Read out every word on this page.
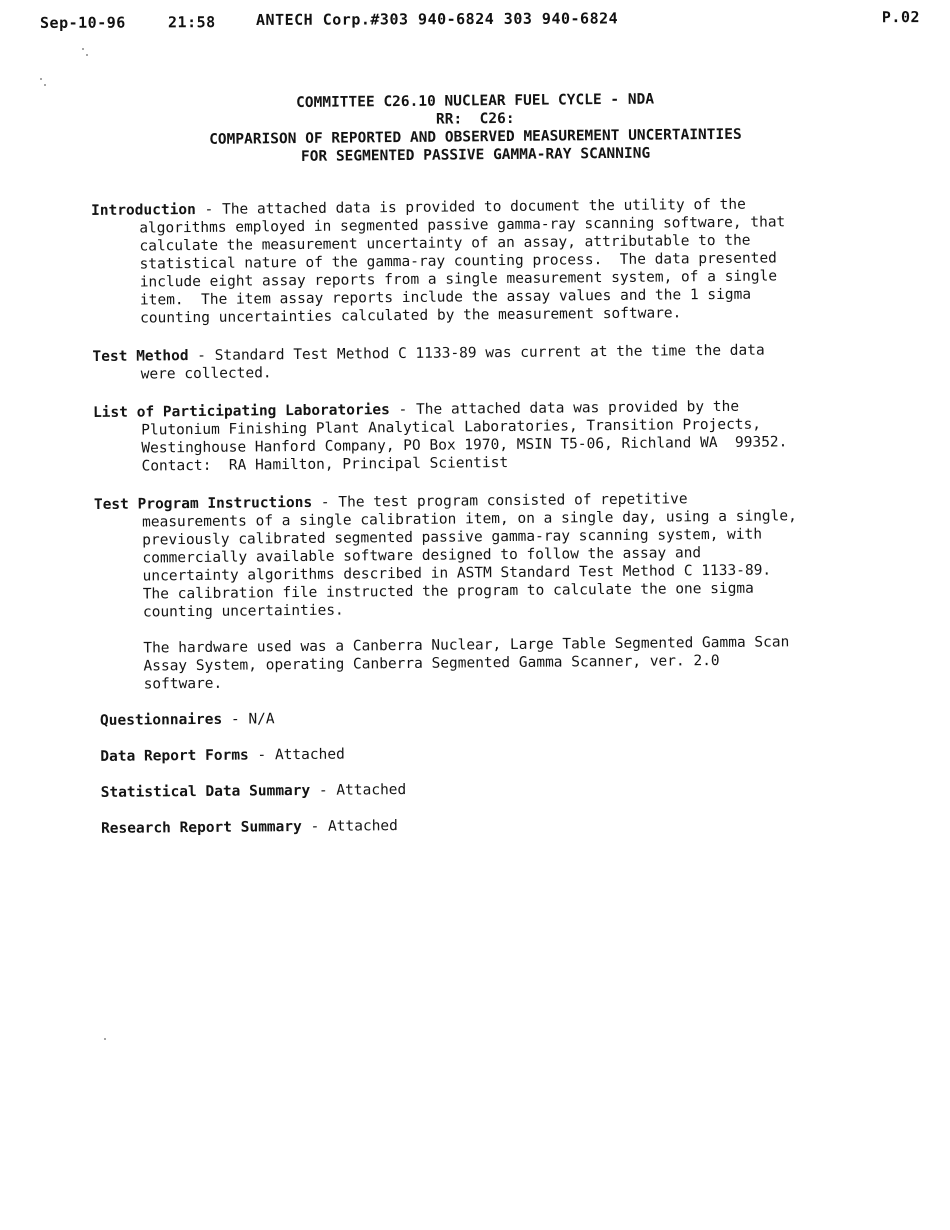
Sep-10-96	21:58	ANTECH Corp.#303 940-6824 303 940-6824	P.02
COMMITTEE C26.10 NUCLEAR FUEL CYCLE - NDA
RR:  C26:
COMPARISON OF REPORTED AND OBSERVED MEASUREMENT UNCERTAINTIES
FOR SEGMENTED PASSIVE GAMMA-RAY SCANNING
Introduction - The attached data is provided to document the utility of the
algorithms employed in segmented passive gamma-ray scanning software, that
calculate the measurement uncertainty of an assay, attributable to the
statistical nature of the gamma-ray counting process.  The data presented
include eight assay reports from a single measurement system, of a single
item.  The item assay reports include the assay values and the 1 sigma
counting uncertainties calculated by the measurement software.
Test Method - Standard Test Method C 1133-89 was current at the time the data
were collected.
List of Participating Laboratories - The attached data was provided by the
Plutonium Finishing Plant Analytical Laboratories, Transition Projects,
Westinghouse Hanford Company, PO Box 1970, MSIN T5-06, Richland WA  99352.
Contact:  RA Hamilton, Principal Scientist
Test Program Instructions - The test program consisted of repetitive
measurements of a single calibration item, on a single day, using a single,
previously calibrated segmented passive gamma-ray scanning system, with
commercially available software designed to follow the assay and
uncertainty algorithms described in ASTM Standard Test Method C 1133-89.
The calibration file instructed the program to calculate the one sigma
counting uncertainties.
The hardware used was a Canberra Nuclear, Large Table Segmented Gamma Scan
Assay System, operating Canberra Segmented Gamma Scanner, ver. 2.0
software.
Questionnaires - N/A
Data Report Forms - Attached
Statistical Data Summary - Attached
Research Report Summary - Attached
